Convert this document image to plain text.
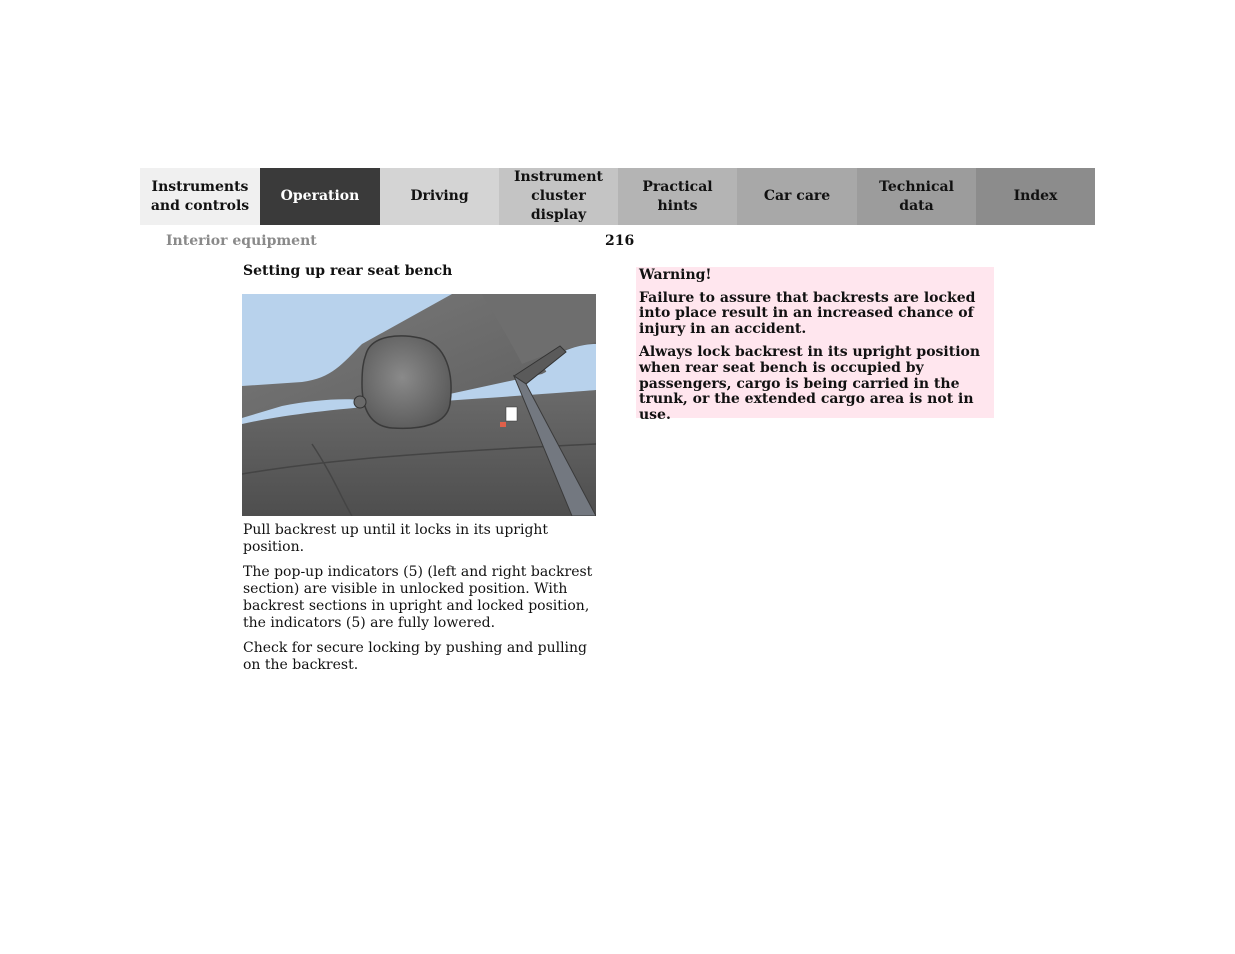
Instruments
and controls
Operation	Driving
Instrument
cluster display
Practical hints
Car care
Technical
data
Index
Interior equipment	216
Setting up rear seat bench

Pull backrest up until it locks in its upright position.

The pop-up indicators (5) (left and right backrest section) are visible in unlocked position. With backrest sections in upright and locked position, the indicators (5) are fully lowered.

Check for secure locking by pushing and pulling on the backrest.

Warning!

Failure to assure that backrests are locked into place result in an increased chance of injury in an accident.

Always lock backrest in its upright position when rear seat bench is occupied by passengers, cargo is being carried in the trunk, or the extended cargo area is not in use.
